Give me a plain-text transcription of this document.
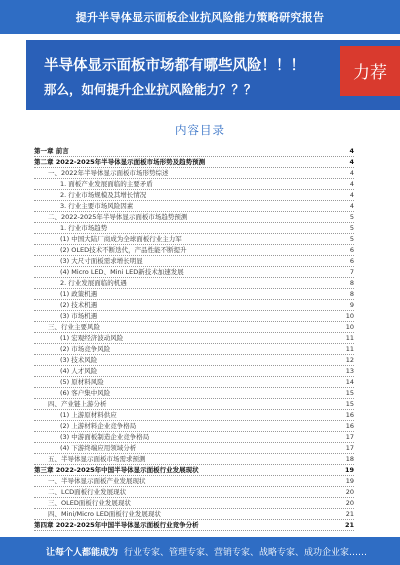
提升半导体显示面板企业抗风险能力策略研究报告
半导体显示面板市场都有哪些风险！！！
那么，如何提升企业抗风险能力？？？
力荐
内容目录
第一章 前言	4
第二章 2022-2025年半导体显示面板市场形势及趋势预测	4
一、2022年半导体显示面板市场形势综述	4
1. 面板产业发展面临的主要矛盾	4
2. 行业市场规模及其增长情况	4
3. 行业主要市场风险因素	4
二、2022-2025年半导体显示面板市场趋势预测	5
1. 行业市场趋势	5
(1) 中国大陆厂商成为全球面板行业主力军	5
(2) OLED技术不断迭代，产品性能不断提升	6
(3) 大尺寸面板需求增长明显	6
(4) Micro LED、Mini LED新技术加速发展	7
2. 行业发展面临的机遇	8
(1) 政策机遇	8
(2) 技术机遇	9
(3) 市场机遇	10
三、行业主要风险	10
(1) 宏观经济波动风险	11
(2) 市场竞争风险	11
(3) 技术风险	12
(4) 人才风险	13
(5) 原材料风险	14
(6) 客户集中风险	15
四、产业链上游分析	15
(1) 上游原材料供应	16
(2) 上游材料企业竞争格局	16
(3) 中游面板制造企业竞争格局	17
(4) 下游终端应用领域分析	17
五、半导体显示面板市场需求预测	18
第三章 2022-2025年中国半导体显示面板行业发展现状	19
一、半导体显示面板产业发展现状	19
二、LCD面板行业发展现状	20
三、OLED面板行业发展现状	20
四、Mini/Micro LED面板行业发展现状	21
第四章 2022-2025年中国半导体显示面板行业竞争分析	21
让每个人都能成为 行业专家、管理专家、营销专家、战略专家、成功企业家……
